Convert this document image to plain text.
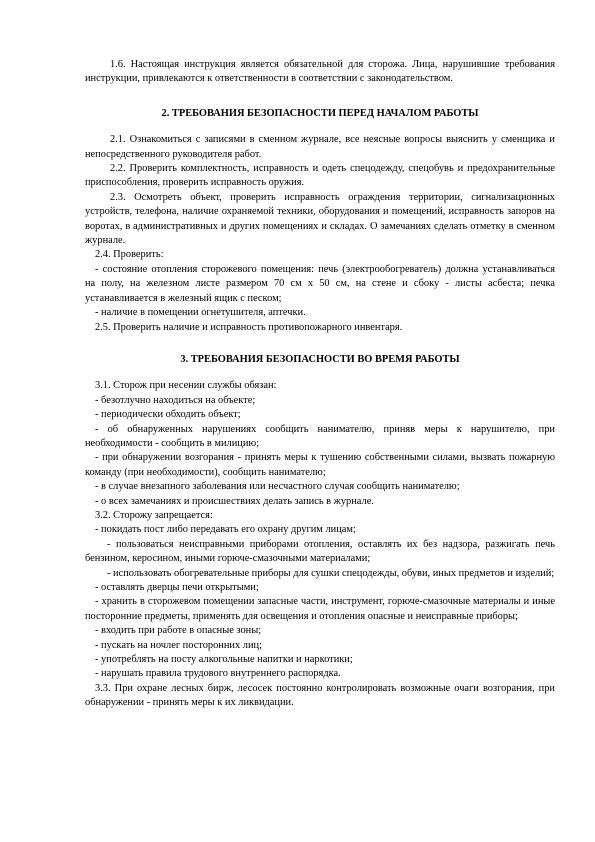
1.6. Настоящая инструкция является обязательной для сторожа. Лица, нарушившие требования инструкции, привлекаются к ответственности в соответствии с законодательством.

2. ТРЕБОВАНИЯ БЕЗОПАСНОСТИ ПЕРЕД НАЧАЛОМ РАБОТЫ

2.1. Ознакомиться с записями в сменном журнале, все неясные вопросы выяснить у сменщика и непосредственного руководителя работ.

2.2. Проверить комплектность, исправность и одеть спецодежду, спецобувь и предохранительные приспособления, проверить исправность оружия.

2.3. Осмотреть объект, проверить исправность ограждения территории, сигнализационных устройств, телефона, наличие охраняемой техники, оборудования и помещений, исправность запоров на воротах, в административных и других помещениях и складах. О замечаниях сделать отметку в сменном журнале.

2.4. Проверить:

- состояние отопления сторожевого помещения: печь (электрообогреватель) должна устанавливаться на полу, на железном листе размером 70 см х 50 см, на стене и сбоку - листы асбеста; печка устанавливается в железный ящик с песком;

- наличие в помещении огнетушителя, аптечки.

2.5. Проверить наличие и исправность противопожарного инвентаря.

3. ТРЕБОВАНИЯ БЕЗОПАСНОСТИ ВО ВРЕМЯ РАБОТЫ

3.1. Сторож при несении службы обязан:

- безотлучно находиться на объекте;

- периодически обходить объект;

- об обнаруженных нарушениях сообщить нанимателю, приняв меры к нарушителю, при необходимости - сообщить в милицию;

- при обнаружении возгорания - принять меры к тушению собственными силами, вызвать пожарную команду (при необходимости), сообщить нанимателю;

- в случае внезапного заболевания или несчастного случая сообщить нанимателю;

- о всех замечаниях и происшествиях делать запись в журнале.

3.2. Сторожу запрещается:

- покидать пост либо передавать его охрану другим лицам;

- пользоваться неисправными приборами отопления, оставлять их без надзора, разжигать печь бензином, керосином, иными горюче-смазочными материалами;

- использовать обогревательные приборы для сушки спецодежды, обуви, иных предметов и изделий;

- оставлять дверцы печи открытыми;

- хранить в сторожевом помещении запасные части, инструмент, горюче-смазочные материалы и иные посторонние предметы, применять для освещения и отопления опасные и неисправные приборы;

- входить при работе в опасные зоны;

- пускать на ночлег посторонних лиц;

- употреблять на посту алкогольные напитки и наркотики;

- нарушать правила трудового внутреннего распорядка.

3.3. При охране лесных бирж, лесосек постоянно контролировать возможные очаги возгорания, при обнаружении - принять меры к их ликвидации.
